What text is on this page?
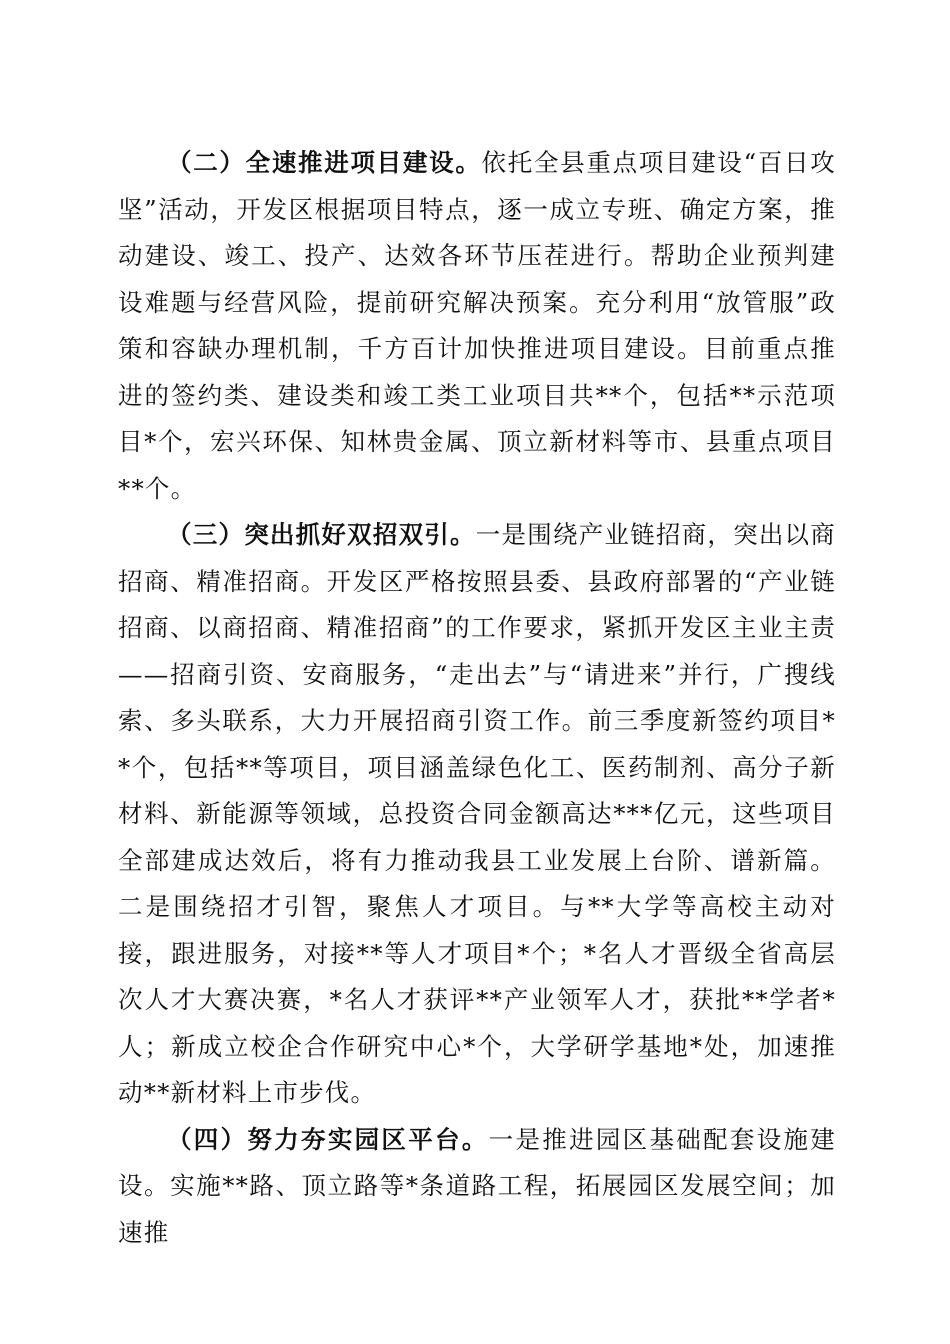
（二）全速推进项目建设。依托全县重点项目建设“百日攻坚”活动，开发区根据项目特点，逐一成立专班、确定方案，推动建设、竣工、投产、达效各环节压茬进行。帮助企业预判建设难题与经营风险，提前研究解决预案。充分利用“放管服”政策和容缺办理机制，千方百计加快推进项目建设。目前重点推进的签约类、建设类和竣工类工业项目共**个，包括**示范项目*个，宏兴环保、知林贵金属、顶立新材料等市、县重点项目**个。

（三）突出抓好双招双引。一是围绕产业链招商，突出以商招商、精准招商。开发区严格按照县委、县政府部署的“产业链招商、以商招商、精准招商”的工作要求，紧抓开发区主业主责——招商引资、安商服务，“走出去”与“请进来”并行，广搜线索、多头联系，大力开展招商引资工作。前三季度新签约项目**个，包括**等项目，项目涵盖绿色化工、医药制剂、高分子新材料、新能源等领域，总投资合同金额高达***亿元，这些项目全部建成达效后，将有力推动我县工业发展上台阶、谱新篇。二是围绕招才引智，聚焦人才项目。与**大学等高校主动对接，跟进服务，对接**等人才项目*个；*名人才晋级全省高层次人才大赛决赛，*名人才获评**产业领军人才，获批**学者*人；新成立校企合作研究中心*个，大学研学基地*处，加速推动**新材料上市步伐。

（四）努力夯实园区平台。一是推进园区基础配套设施建设。实施**路、顶立路等*条道路工程，拓展园区发展空间；加速推
